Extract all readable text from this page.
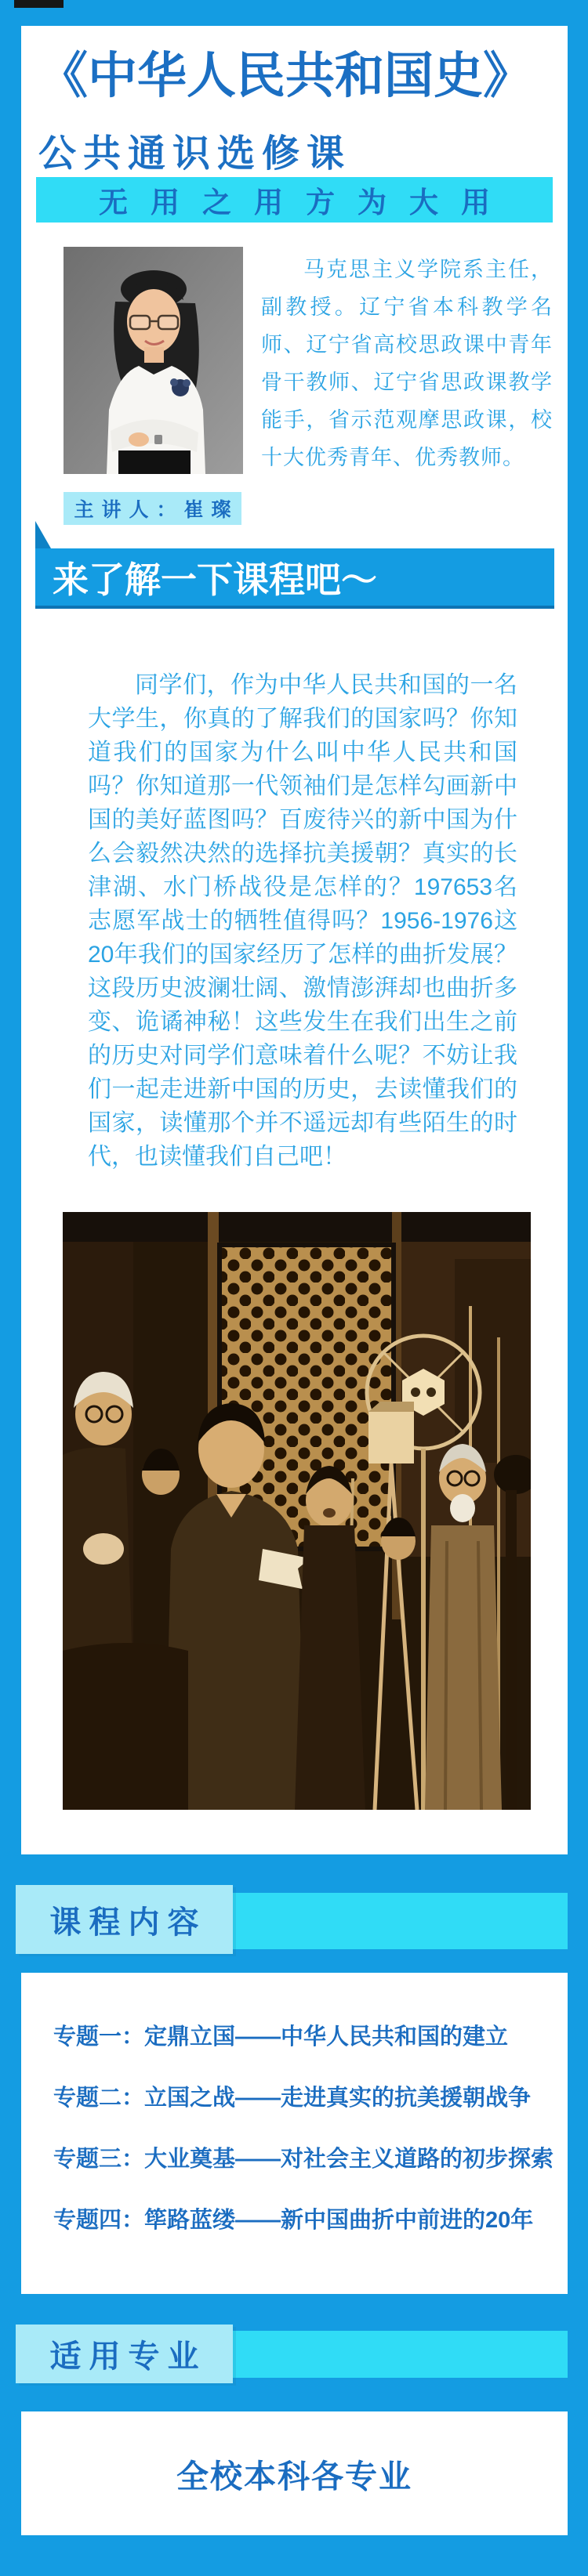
《中华人民共和国史》
公共通识选修课
无用之用方为大用
马克思主义学院系主任，副教授。辽宁省本科教学名师、辽宁省高校思政课中青年骨干教师、辽宁省思政课教学能手，省示范观摩思政课，校十大优秀青年、优秀教师。
主讲人：崔璨
来了解一下课程吧～
同学们，作为中华人民共和国的一名大学生，你真的了解我们的国家吗？你知道我们的国家为什么叫中华人民共和国吗？你知道那一代领袖们是怎样勾画新中国的美好蓝图吗？百废待兴的新中国为什么会毅然决然的选择抗美援朝？真实的长津湖、水门桥战役是怎样的？197653名志愿军战士的牺牲值得吗？1956-1976这20年我们的国家经历了怎样的曲折发展？这段历史波澜壮阔、激情澎湃却也曲折多变、诡谲神秘！这些发生在我们出生之前的历史对同学们意味着什么呢？不妨让我们一起走进新中国的历史，去读懂我们的国家，读懂那个并不遥远却有些陌生的时代，也读懂我们自己吧！
课程内容
专题一：定鼎立国——中华人民共和国的建立
专题二：立国之战——走进真实的抗美援朝战争
专题三：大业奠基——对社会主义道路的初步探索
专题四：筚路蓝缕——新中国曲折中前进的20年
适用专业
全校本科各专业
